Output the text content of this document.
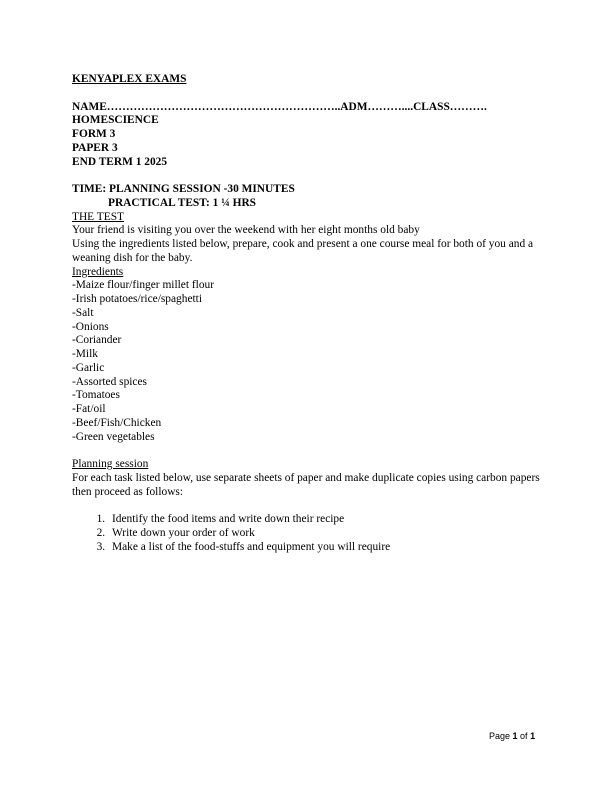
KENYAPLEX EXAMS
NAME……………………………………………………..ADM………....CLASS……….
HOMESCIENCE
FORM 3
PAPER 3
END TERM 1 2025
TIME: PLANNING SESSION -30 MINUTES
PRACTICAL TEST: 1 ¼ HRS
THE TEST
Your friend is visiting you over the weekend with her eight months old baby
Using the ingredients listed below, prepare, cook and present a one course meal for both of you and a weaning dish for the baby.
Ingredients
-Maize flour/finger millet flour
-Irish potatoes/rice/spaghetti
-Salt
-Onions
-Coriander
-Milk
-Garlic
-Assorted spices
-Tomatoes
-Fat/oil
-Beef/Fish/Chicken
-Green vegetables
Planning session
For each task listed below, use separate sheets of paper and make duplicate copies using carbon papers then proceed as follows:
1. Identify the food items and write down their recipe
2. Write down your order of work
3. Make a list of the food-stuffs and equipment you will require
Page 1 of 1
